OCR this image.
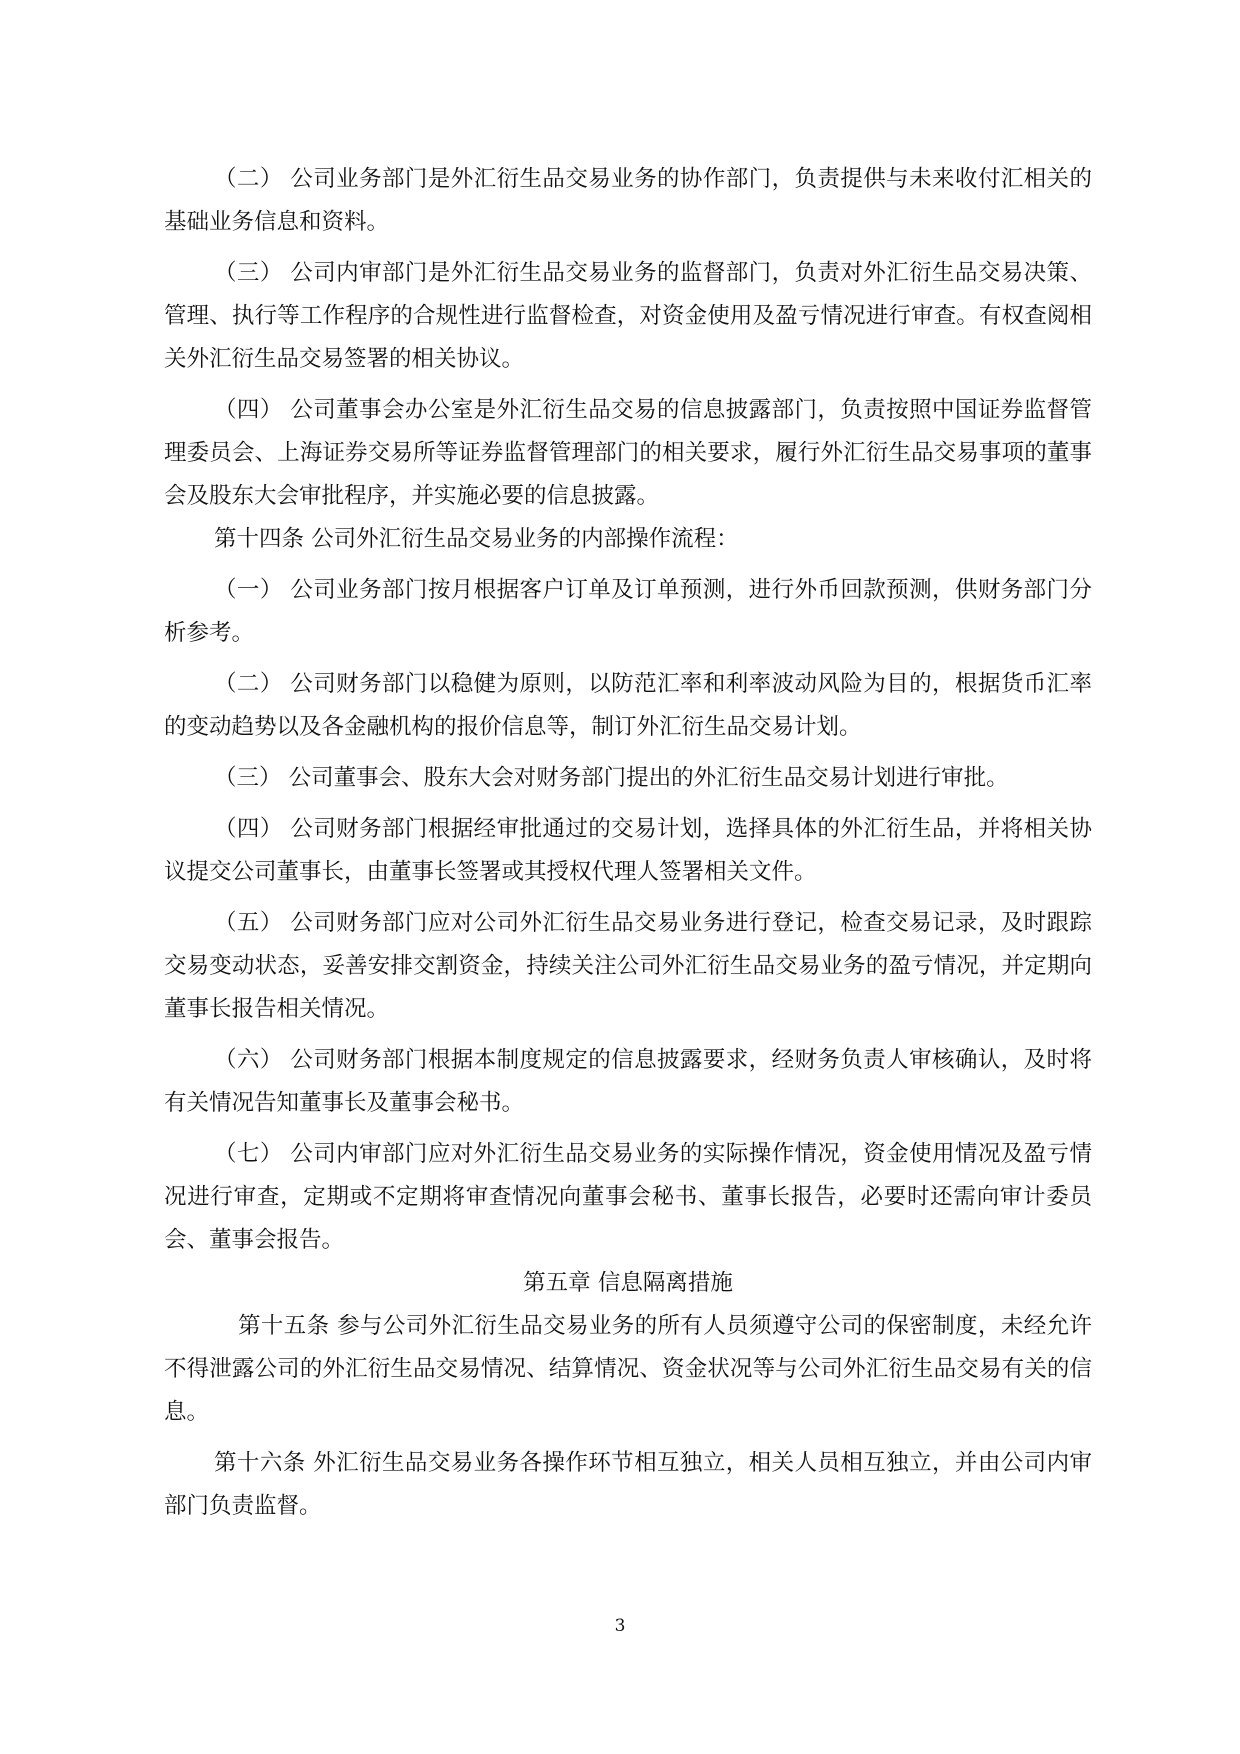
（二） 公司业务部门是外汇衍生品交易业务的协作部门，负责提供与未来收付汇相关的基础业务信息和资料。

（三） 公司内审部门是外汇衍生品交易业务的监督部门，负责对外汇衍生品交易决策、管理、执行等工作程序的合规性进行监督检查，对资金使用及盈亏情况进行审查。有权查阅相关外汇衍生品交易签署的相关协议。

（四） 公司董事会办公室是外汇衍生品交易的信息披露部门，负责按照中国证券监督管理委员会、上海证券交易所等证券监督管理部门的相关要求，履行外汇衍生品交易事项的董事会及股东大会审批程序，并实施必要的信息披露。

第十四条 公司外汇衍生品交易业务的内部操作流程：

（一） 公司业务部门按月根据客户订单及订单预测，进行外币回款预测，供财务部门分析参考。

（二） 公司财务部门以稳健为原则，以防范汇率和利率波动风险为目的，根据货币汇率的变动趋势以及各金融机构的报价信息等，制订外汇衍生品交易计划。

（三） 公司董事会、股东大会对财务部门提出的外汇衍生品交易计划进行审批。

（四） 公司财务部门根据经审批通过的交易计划，选择具体的外汇衍生品，并将相关协议提交公司董事长，由董事长签署或其授权代理人签署相关文件。

（五） 公司财务部门应对公司外汇衍生品交易业务进行登记，检查交易记录，及时跟踪交易变动状态，妥善安排交割资金，持续关注公司外汇衍生品交易业务的盈亏情况，并定期向董事长报告相关情况。

（六） 公司财务部门根据本制度规定的信息披露要求，经财务负责人审核确认，及时将有关情况告知董事长及董事会秘书。

（七） 公司内审部门应对外汇衍生品交易业务的实际操作情况，资金使用情况及盈亏情况进行审查，定期或不定期将审查情况向董事会秘书、董事长报告，必要时还需向审计委员会、董事会报告。

第五章 信息隔离措施

第十五条 参与公司外汇衍生品交易业务的所有人员须遵守公司的保密制度，未经允许不得泄露公司的外汇衍生品交易情况、结算情况、资金状况等与公司外汇衍生品交易有关的信息。

第十六条 外汇衍生品交易业务各操作环节相互独立，相关人员相互独立，并由公司内审部门负责监督。

3
